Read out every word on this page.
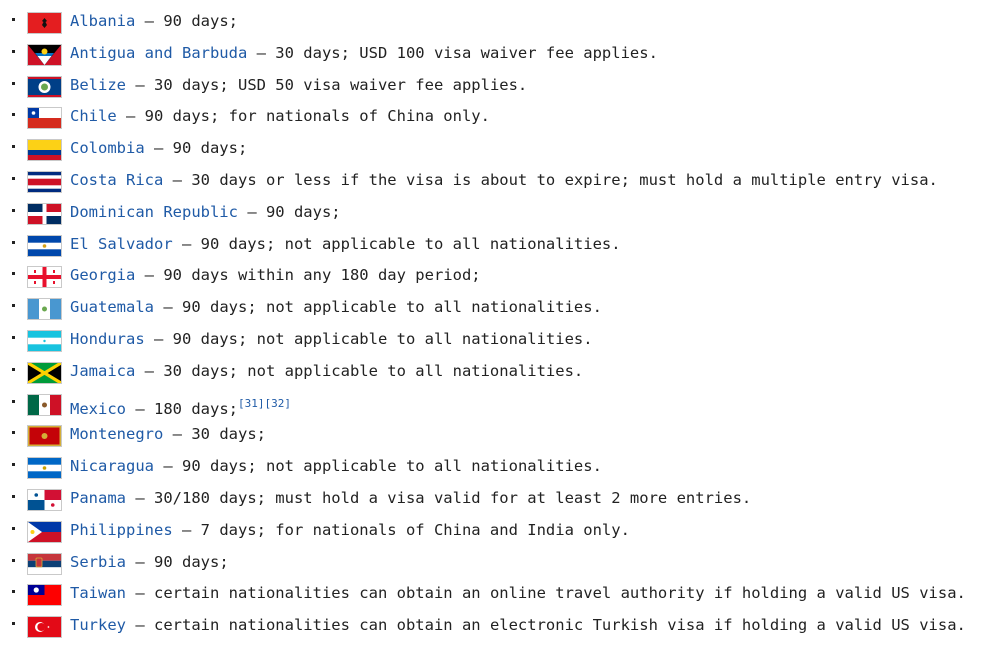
Albania — 90 days;
Antigua and Barbuda — 30 days; USD 100 visa waiver fee applies.
Belize — 30 days; USD 50 visa waiver fee applies.
Chile — 90 days; for nationals of China only.
Colombia — 90 days;
Costa Rica — 30 days or less if the visa is about to expire; must hold a multiple entry visa.
Dominican Republic — 90 days;
El Salvador — 90 days; not applicable to all nationalities.
Georgia — 90 days within any 180 day period;
Guatemala — 90 days; not applicable to all nationalities.
Honduras — 90 days; not applicable to all nationalities.
Jamaica — 30 days; not applicable to all nationalities.
Mexico — 180 days;[31][32]
Montenegro — 30 days;
Nicaragua — 90 days; not applicable to all nationalities.
Panama — 30/180 days; must hold a visa valid for at least 2 more entries.
Philippines — 7 days; for nationals of China and India only.
Serbia — 90 days;
Taiwan — certain nationalities can obtain an online travel authority if holding a valid US visa.
Turkey — certain nationalities can obtain an electronic Turkish visa if holding a valid US visa.
